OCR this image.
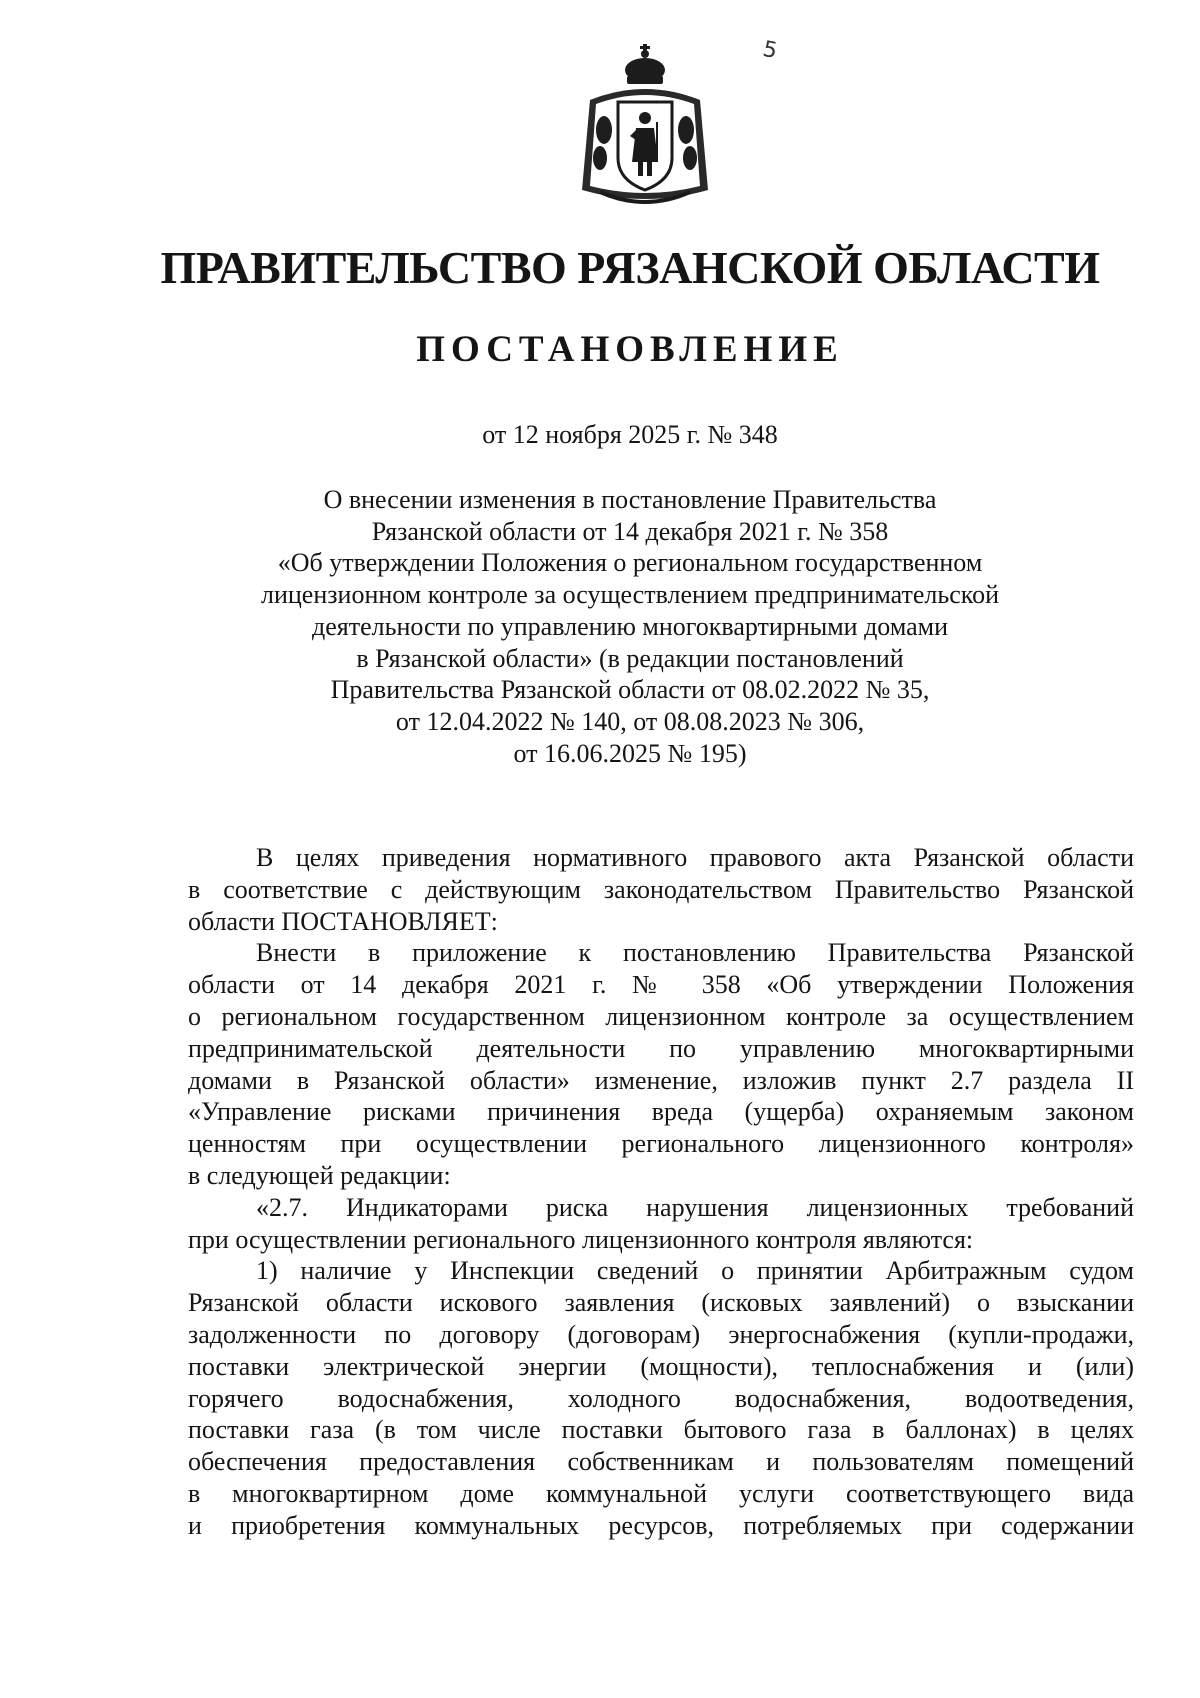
5
ПРАВИТЕЛЬСТВО РЯЗАНСКОЙ ОБЛАСТИ
ПОСТАНОВЛЕНИЕ
от 12 ноября 2025 г. № 348
О внесении изменения в постановление Правительства
Рязанской области от 14 декабря 2021 г. № 358
«Об утверждении Положения о региональном государственном
лицензионном контроле за осуществлением предпринимательской
деятельности по управлению многоквартирными домами
в Рязанской области» (в редакции постановлений
Правительства Рязанской области от 08.02.2022 № 35,
от 12.04.2022 № 140, от 08.08.2023 № 306,
от 16.06.2025 № 195)
В целях приведения нормативного правового акта Рязанской области
в соответствие с действующим законодательством Правительство Рязанской
области ПОСТАНОВЛЯЕТ:
Внести в приложение к постановлению Правительства Рязанской
области от 14 декабря 2021 г. № 358 «Об утверждении Положения
о региональном государственном лицензионном контроле за осуществлением
предпринимательской деятельности по управлению многоквартирными
домами в Рязанской области» изменение, изложив пункт 2.7 раздела II
«Управление рисками причинения вреда (ущерба) охраняемым законом
ценностям при осуществлении регионального лицензионного контроля»
в следующей редакции:
«2.7. Индикаторами риска нарушения лицензионных требований
при осуществлении регионального лицензионного контроля являются:
1) наличие у Инспекции сведений о принятии Арбитражным судом
Рязанской области искового заявления (исковых заявлений) о взыскании
задолженности по договору (договорам) энергоснабжения (купли-продажи,
поставки электрической энергии (мощности), теплоснабжения и (или)
горячего водоснабжения, холодного водоснабжения, водоотведения,
поставки газа (в том числе поставки бытового газа в баллонах) в целях
обеспечения предоставления собственникам и пользователям помещений
в многоквартирном доме коммунальной услуги соответствующего вида
и приобретения коммунальных ресурсов, потребляемых при содержании
